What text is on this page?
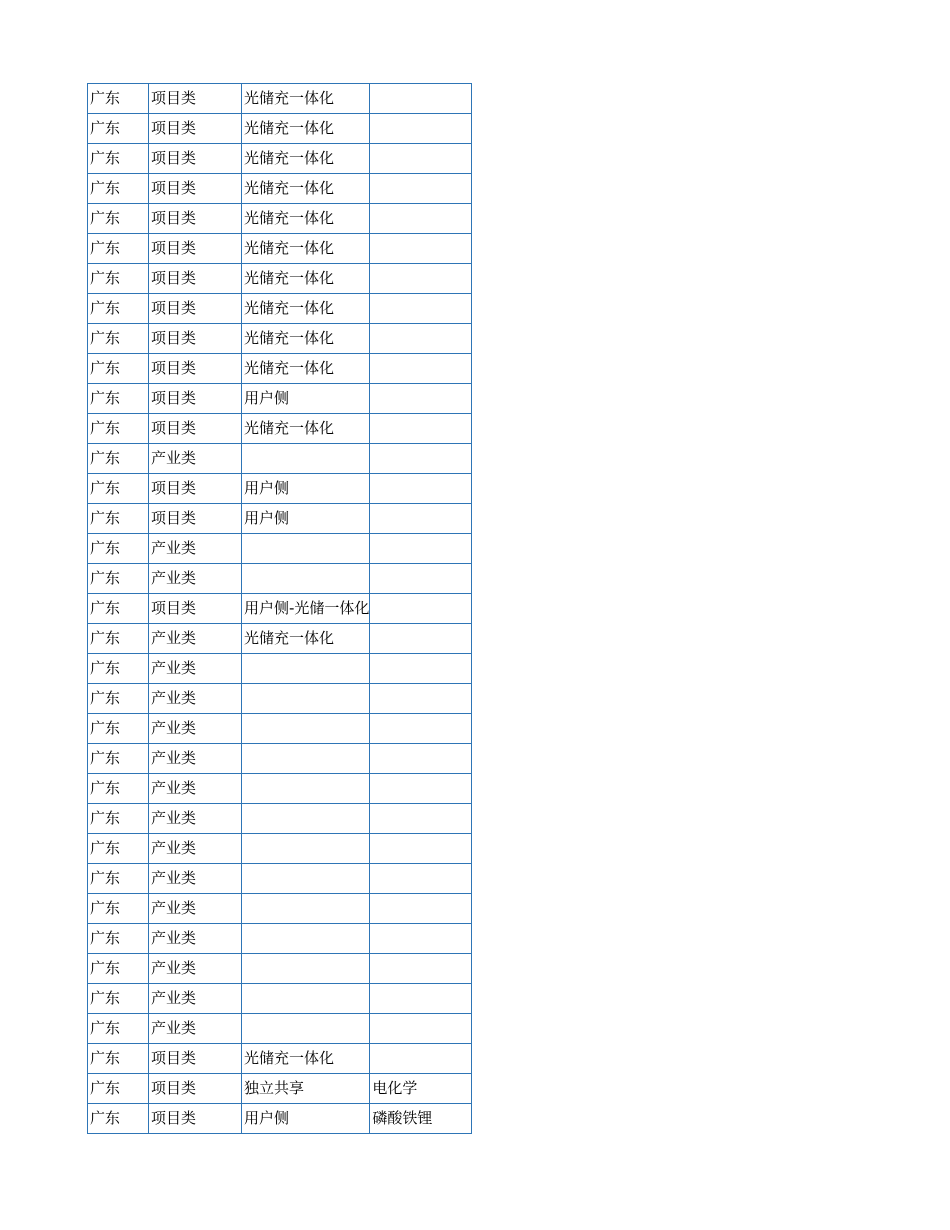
广东	项目类	光储充一体化	
广东	项目类	光储充一体化	
广东	项目类	光储充一体化	
广东	项目类	光储充一体化	
广东	项目类	光储充一体化	
广东	项目类	光储充一体化	
广东	项目类	光储充一体化	
广东	项目类	光储充一体化	
广东	项目类	光储充一体化	
广东	项目类	光储充一体化	
广东	项目类	用户侧	
广东	项目类	光储充一体化	
广东	产业类		
广东	项目类	用户侧	
广东	项目类	用户侧	
广东	产业类		
广东	产业类		
广东	项目类	用户侧-光储一体化	
广东	产业类	光储充一体化	
广东	产业类		
广东	产业类		
广东	产业类		
广东	产业类		
广东	产业类		
广东	产业类		
广东	产业类		
广东	产业类		
广东	产业类		
广东	产业类		
广东	产业类		
广东	产业类		
广东	产业类		
广东	项目类	光储充一体化	
广东	项目类	独立共享	电化学
广东	项目类	用户侧	磷酸铁锂
